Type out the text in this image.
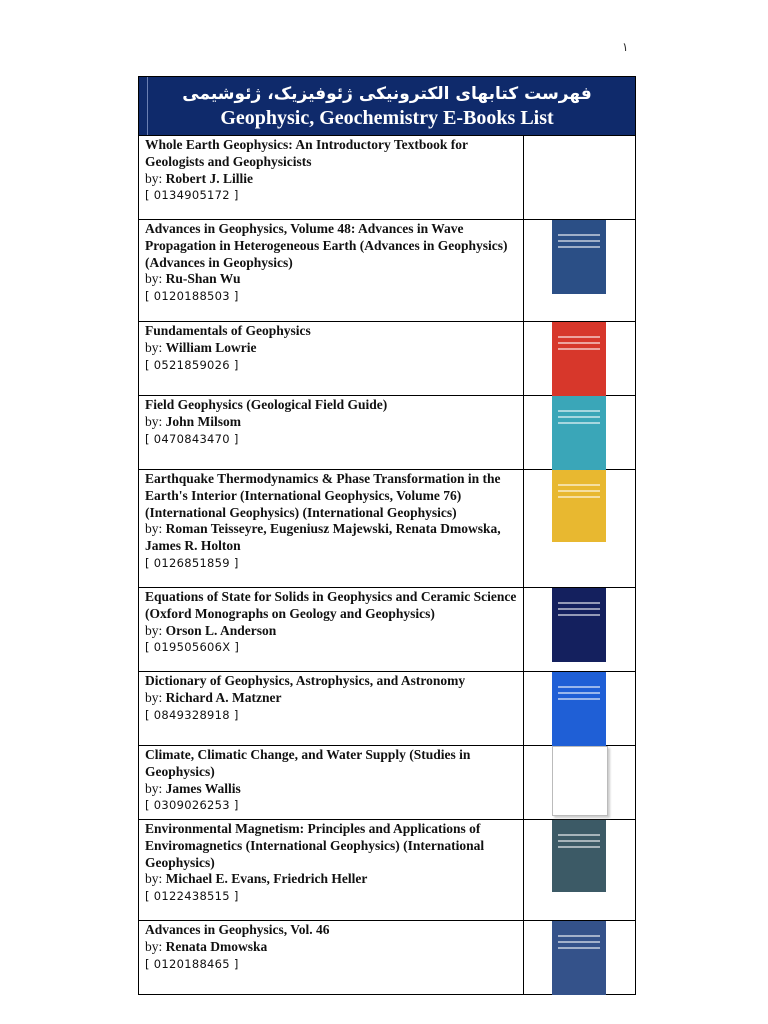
١
فهرست کتابهای الکترونیکی ژئوفیزیک، ژئوشیمی
Geophysic, Geochemistry E-Books List
Whole Earth Geophysics: An Introductory Textbook for Geologists and Geophysicists
by: Robert J. Lillie
[ 0134905172 ]
Advances in Geophysics, Volume 48: Advances in Wave Propagation in Heterogeneous Earth (Advances in Geophysics) (Advances in Geophysics)
by: Ru-Shan Wu
[ 0120188503 ]
Fundamentals of Geophysics
by: William Lowrie
[ 0521859026 ]
Field Geophysics (Geological Field Guide)
by: John Milsom
[ 0470843470 ]
Earthquake Thermodynamics & Phase Transformation in the Earth's Interior (International Geophysics, Volume 76) (International Geophysics) (International Geophysics)
by: Roman Teisseyre, Eugeniusz Majewski, Renata Dmowska, James R. Holton
[ 0126851859 ]
Equations of State for Solids in Geophysics and Ceramic Science (Oxford Monographs on Geology and Geophysics)
by: Orson L. Anderson
[ 019505606X ]
Dictionary of Geophysics, Astrophysics, and Astronomy
by: Richard A. Matzner
[ 0849328918 ]
Climate, Climatic Change, and Water Supply (Studies in Geophysics)
by: James Wallis
[ 0309026253 ]
Environmental Magnetism: Principles and Applications of Enviromagnetics (International Geophysics) (International Geophysics)
by: Michael E. Evans, Friedrich Heller
[ 0122438515 ]
Advances in Geophysics, Vol. 46
by: Renata Dmowska
[ 0120188465 ]
